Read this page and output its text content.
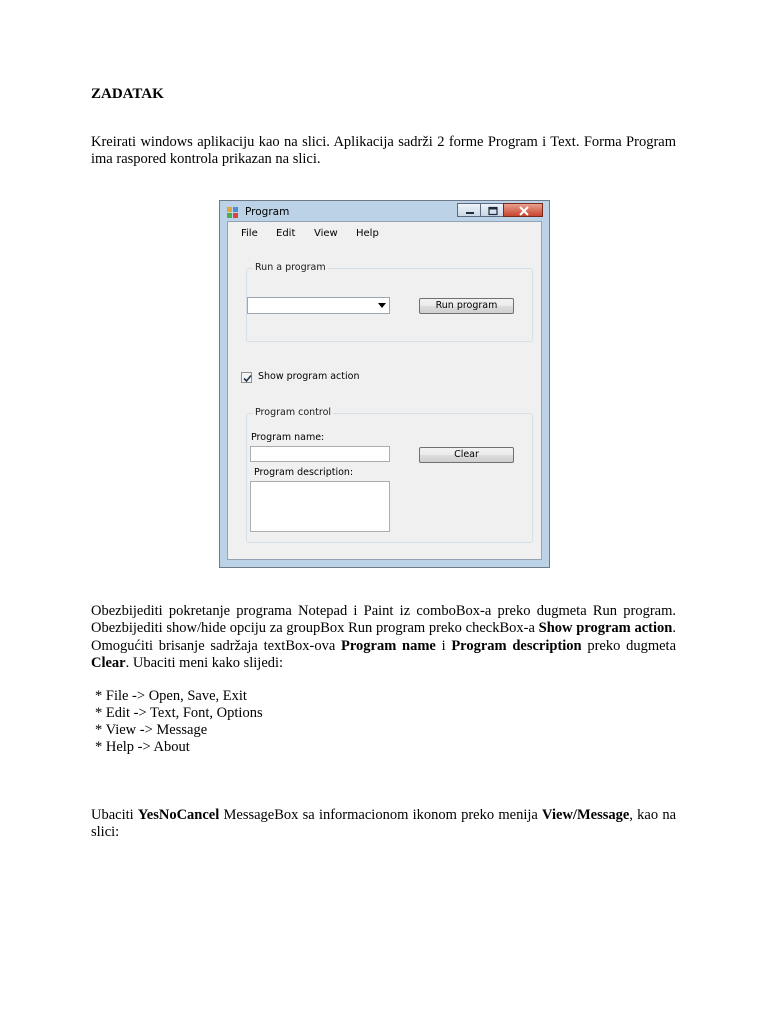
ZADATAK

Kreirati windows aplikaciju kao na slici. Aplikacija sadrži 2 forme Program i Text. Forma Program ima raspored kontrola prikazan na slici.

Program
File Edit View Help
Run a program
Run program
Show program action
Program control
Program name:
Clear
Program description:

Obezbijediti pokretanje programa Notepad i Paint iz comboBox-a preko dugmeta Run program. Obezbijediti show/hide opciju za groupBox Run program preko checkBox-a Show program action. Omogućiti brisanje sadržaja textBox-ova Program name i Program description preko dugmeta Clear. Ubaciti meni kako slijedi:

* File -> Open, Save, Exit
* Edit -> Text, Font, Options
* View -> Message
* Help -> About

Ubaciti YesNoCancel MessageBox sa informacionom ikonom preko menija View/Message, kao na slici:
